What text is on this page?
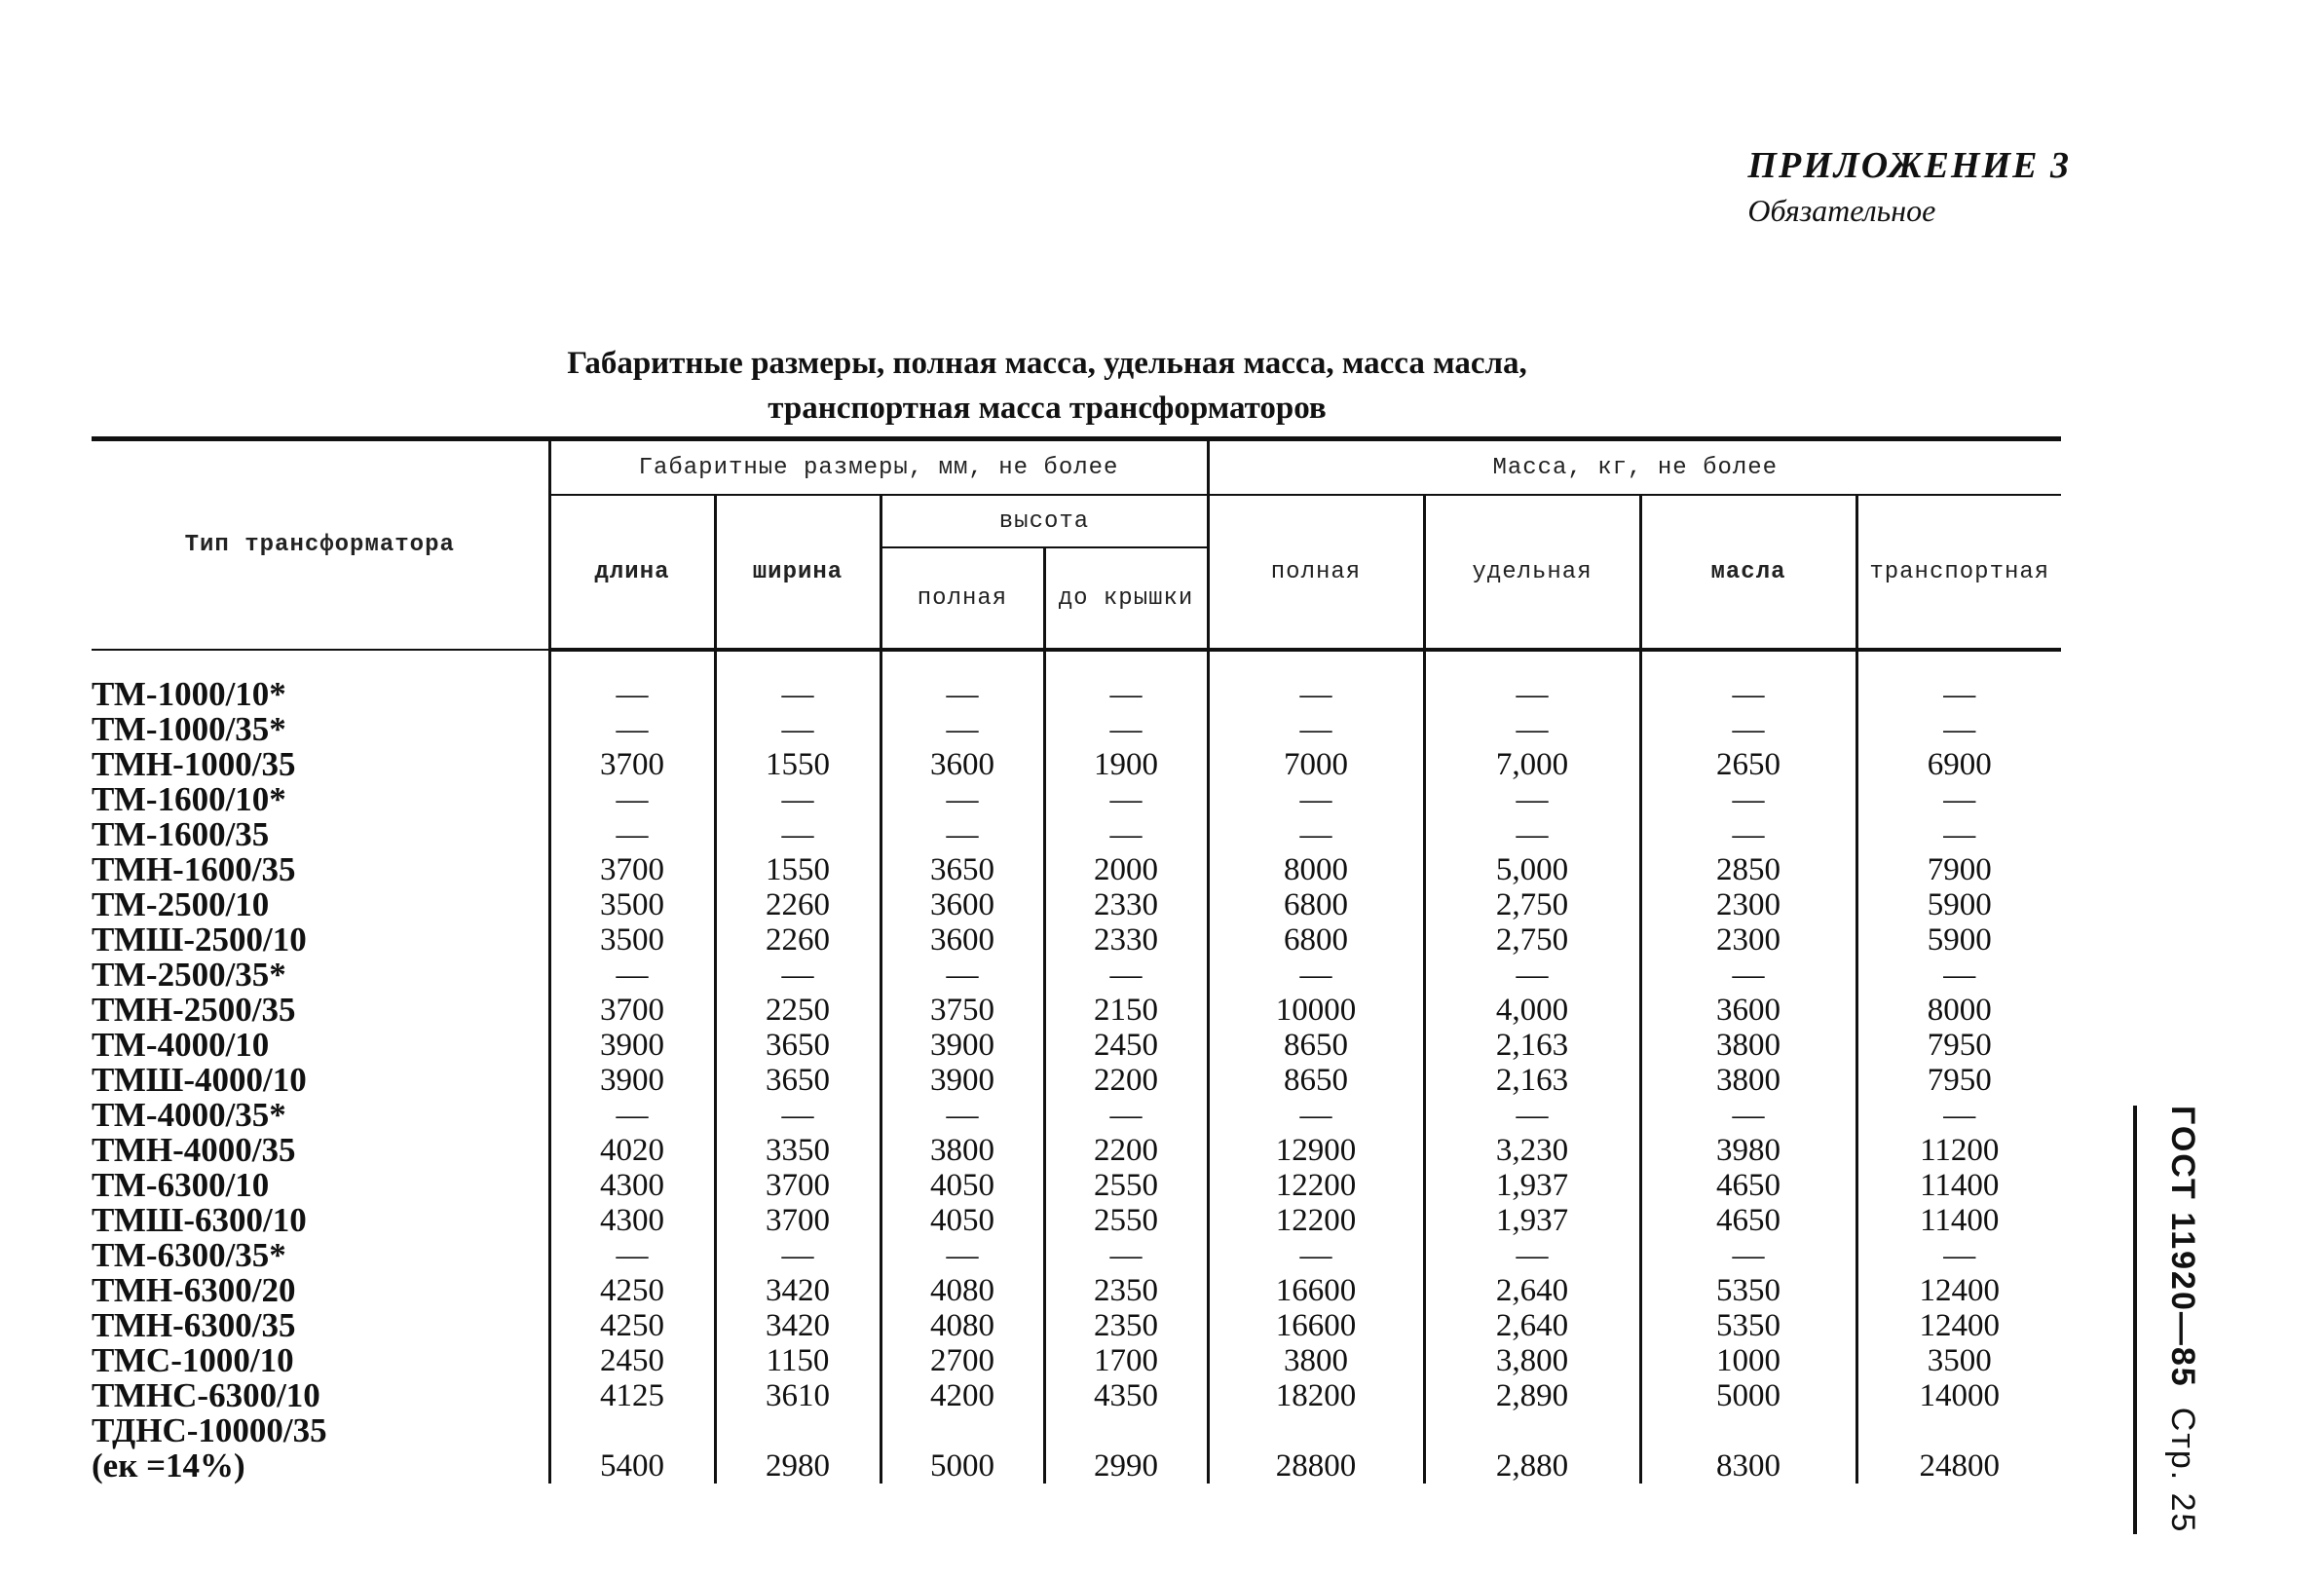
ПРИЛОЖЕНИЕ 3
Обязательное
Габаритные размеры, полная масса, удельная масса, масса масла,
транспортная масса трансформаторов
Тип трансформатора	Габаритные размеры, мм, не более				Масса, кг, не более			
	длина	ширина	высота		полная	удельная	масла	транспортная
			полная	до крышки				

ТМ-1000/10*	—	—	—	—	—	—	—	—
ТМ-1000/35*	—	—	—	—	—	—	—	—
ТМН-1000/35	3700	1550	3600	1900	7000	7,000	2650	6900
ТМ-1600/10*	—	—	—	—	—	—	—	—
ТМ-1600/35	—	—	—	—	—	—	—	—
ТМН-1600/35	3700	1550	3650	2000	8000	5,000	2850	7900
ТМ-2500/10	3500	2260	3600	2330	6800	2,750	2300	5900
ТМШ-2500/10	3500	2260	3600	2330	6800	2,750	2300	5900
ТМ-2500/35*	—	—	—	—	—	—	—	—
ТМН-2500/35	3700	2250	3750	2150	10000	4,000	3600	8000
ТМ-4000/10	3900	3650	3900	2450	8650	2,163	3800	7950
ТМШ-4000/10	3900	3650	3900	2200	8650	2,163	3800	7950
ТМ-4000/35*	—	—	—	—	—	—	—	—
ТМН-4000/35	4020	3350	3800	2200	12900	3,230	3980	11200
ТМ-6300/10	4300	3700	4050	2550	12200	1,937	4650	11400
ТМШ-6300/10	4300	3700	4050	2550	12200	1,937	4650	11400
ТМ-6300/35*	—	—	—	—	—	—	—	—
ТМН-6300/20	4250	3420	4080	2350	16600	2,640	5350	12400
ТМН-6300/35	4250	3420	4080	2350	16600	2,640	5350	12400
ТМС-1000/10	2450	1150	2700	1700	3800	3,800	1000	3500
ТМНС-6300/10	4125	3610	4200	4350	18200	2,890	5000	14000

ТДНС-10000/35
(eк =14%)	5400	2980	5000	2990	28800	2,880	8300	24800
ГОСТ 11920—85Стр. 25
